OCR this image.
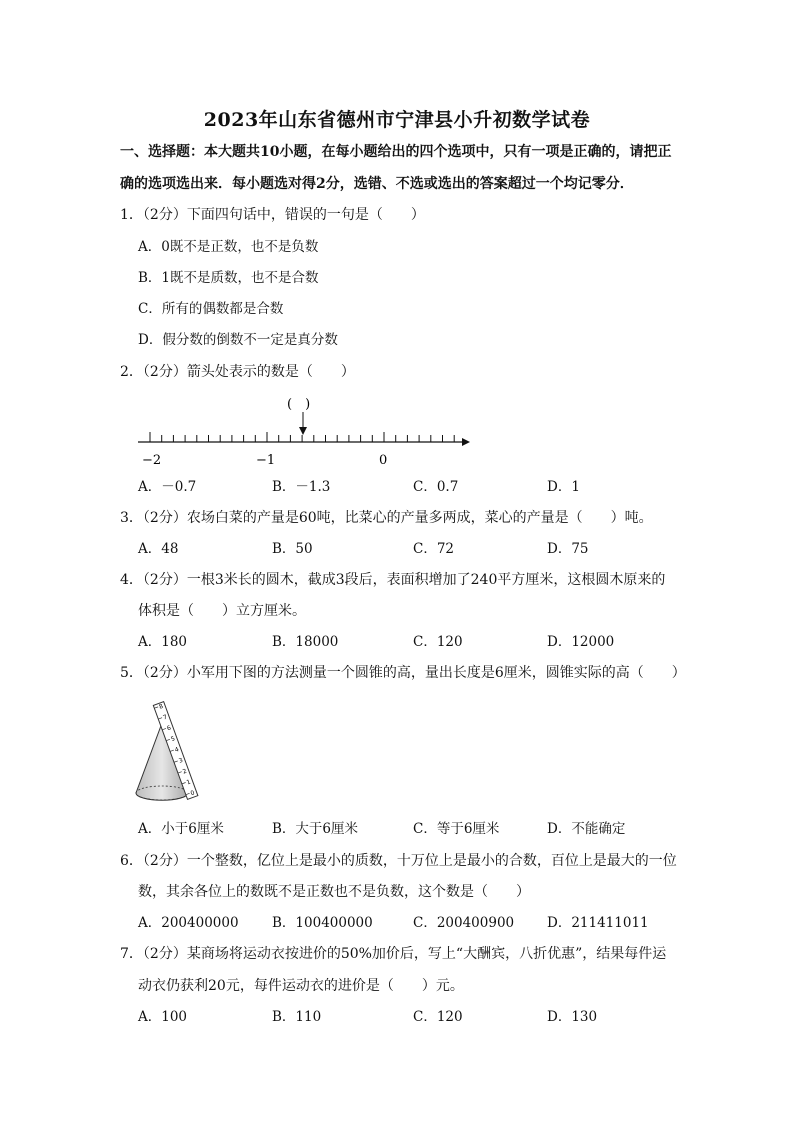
2023年山东省德州市宁津县小升初数学试卷
一、选择题：本大题共10小题，在每小题给出的四个选项中，只有一项是正确的，请把正
确的选项选出来．每小题选对得2分，选错、不选或选出的答案超过一个均记零分．
1．（2分）下面四句话中，错误的一句是（　　）
A．0既不是正数，也不是负数
B．1既不是质数，也不是合数
C．所有的偶数都是合数
D．假分数的倒数不一定是真分数
2．（2分）箭头处表示的数是（　　）
(　)
−2	−1	0
A．－0.7	B．－1.3	C．0.7	D．1
3．（2分）农场白菜的产量是60吨，比菜心的产量多两成，菜心的产量是（　　）吨。
A．48	B．50	C．72	D．75
4．（2分）一根3米长的圆木，截成3段后，表面积增加了240平方厘米，这根圆木原来的
体积是（　　）立方厘米。
A．180	B．18000	C．120	D．12000
5．（2分）小军用下图的方法测量一个圆锥的高，量出长度是6厘米，圆锥实际的高（　　）
0
1
2
3
4
5
6
7
8
A．小于6厘米	B．大于6厘米	C．等于6厘米	D．不能确定
6．（2分）一个整数，亿位上是最小的质数，十万位上是最小的合数，百位上是最大的一位
数，其余各位上的数既不是正数也不是负数，这个数是（　　）
A．200400000 B．100400000	C．200400900 D．211411011
7．（2分）某商场将运动衣按进价的50%加价后，写上“大酬宾，八折优惠”，结果每件运
动衣仍获利20元，每件运动衣的进价是（　　）元。
A．100	B．110	C．120	D．130
